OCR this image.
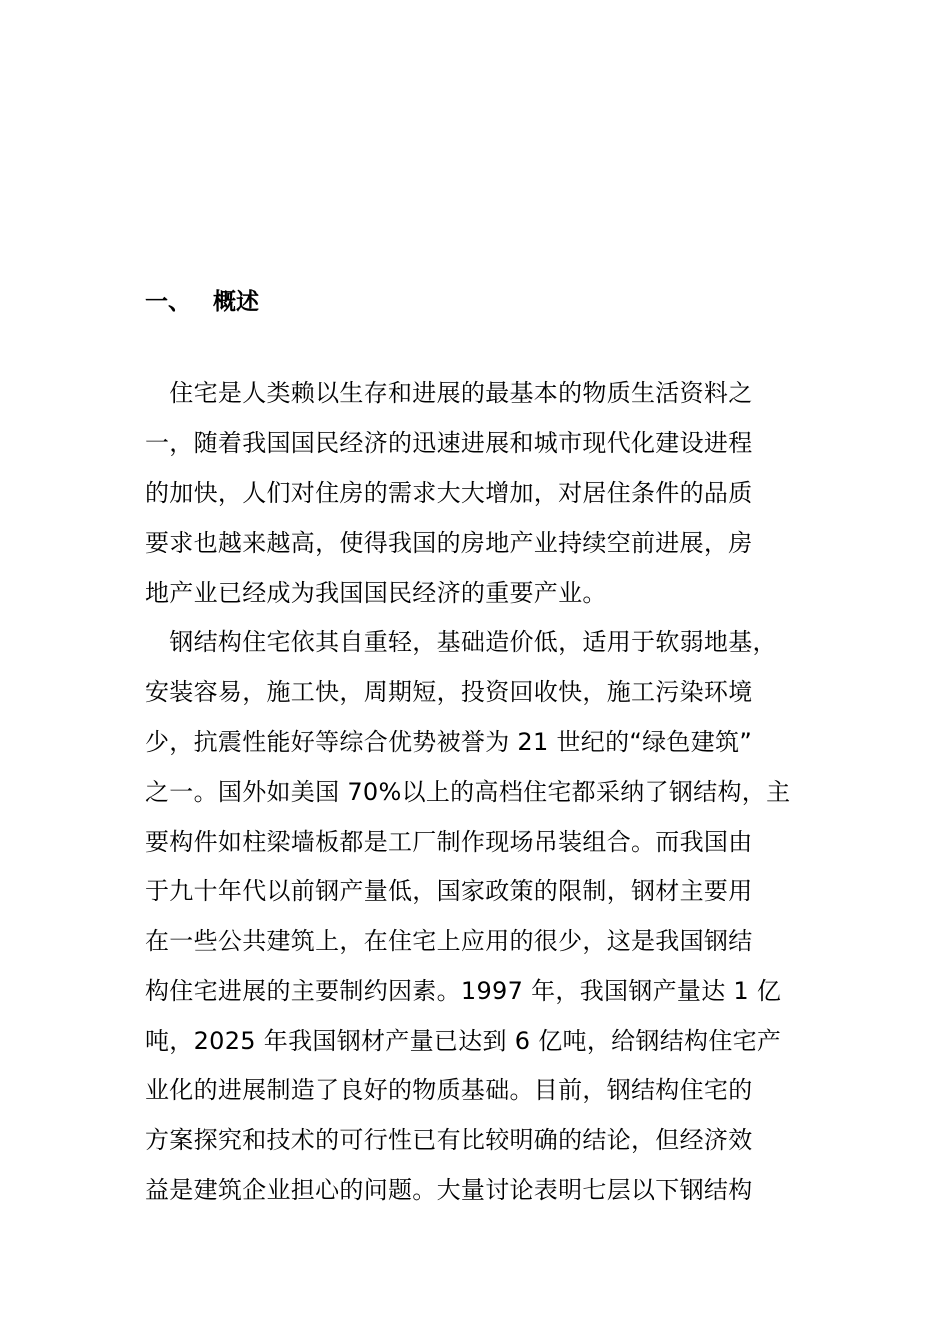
一、 概述
　住宅是人类赖以生存和进展的最基本的物质生活资料之
一，随着我国国民经济的迅速进展和城市现代化建设进程
的加快，人们对住房的需求大大增加，对居住条件的品质
要求也越来越高，使得我国的房地产业持续空前进展，房
地产业已经成为我国国民经济的重要产业。
　钢结构住宅依其自重轻，基础造价低，适用于软弱地基，
安装容易，施工快，周期短，投资回收快，施工污染环境
少，抗震性能好等综合优势被誉为 21 世纪的“绿色建筑”
之一。国外如美国 70%以上的高档住宅都采纳了钢结构，主
要构件如柱梁墙板都是工厂制作现场吊装组合。而我国由
于九十年代以前钢产量低，国家政策的限制，钢材主要用
在一些公共建筑上，在住宅上应用的很少，这是我国钢结
构住宅进展的主要制约因素。1997 年，我国钢产量达 1 亿
吨，2025 年我国钢材产量已达到 6 亿吨，给钢结构住宅产
业化的进展制造了良好的物质基础。目前，钢结构住宅的
方案探究和技术的可行性已有比较明确的结论，但经济效
益是建筑企业担心的问题。大量讨论表明七层以下钢结构
